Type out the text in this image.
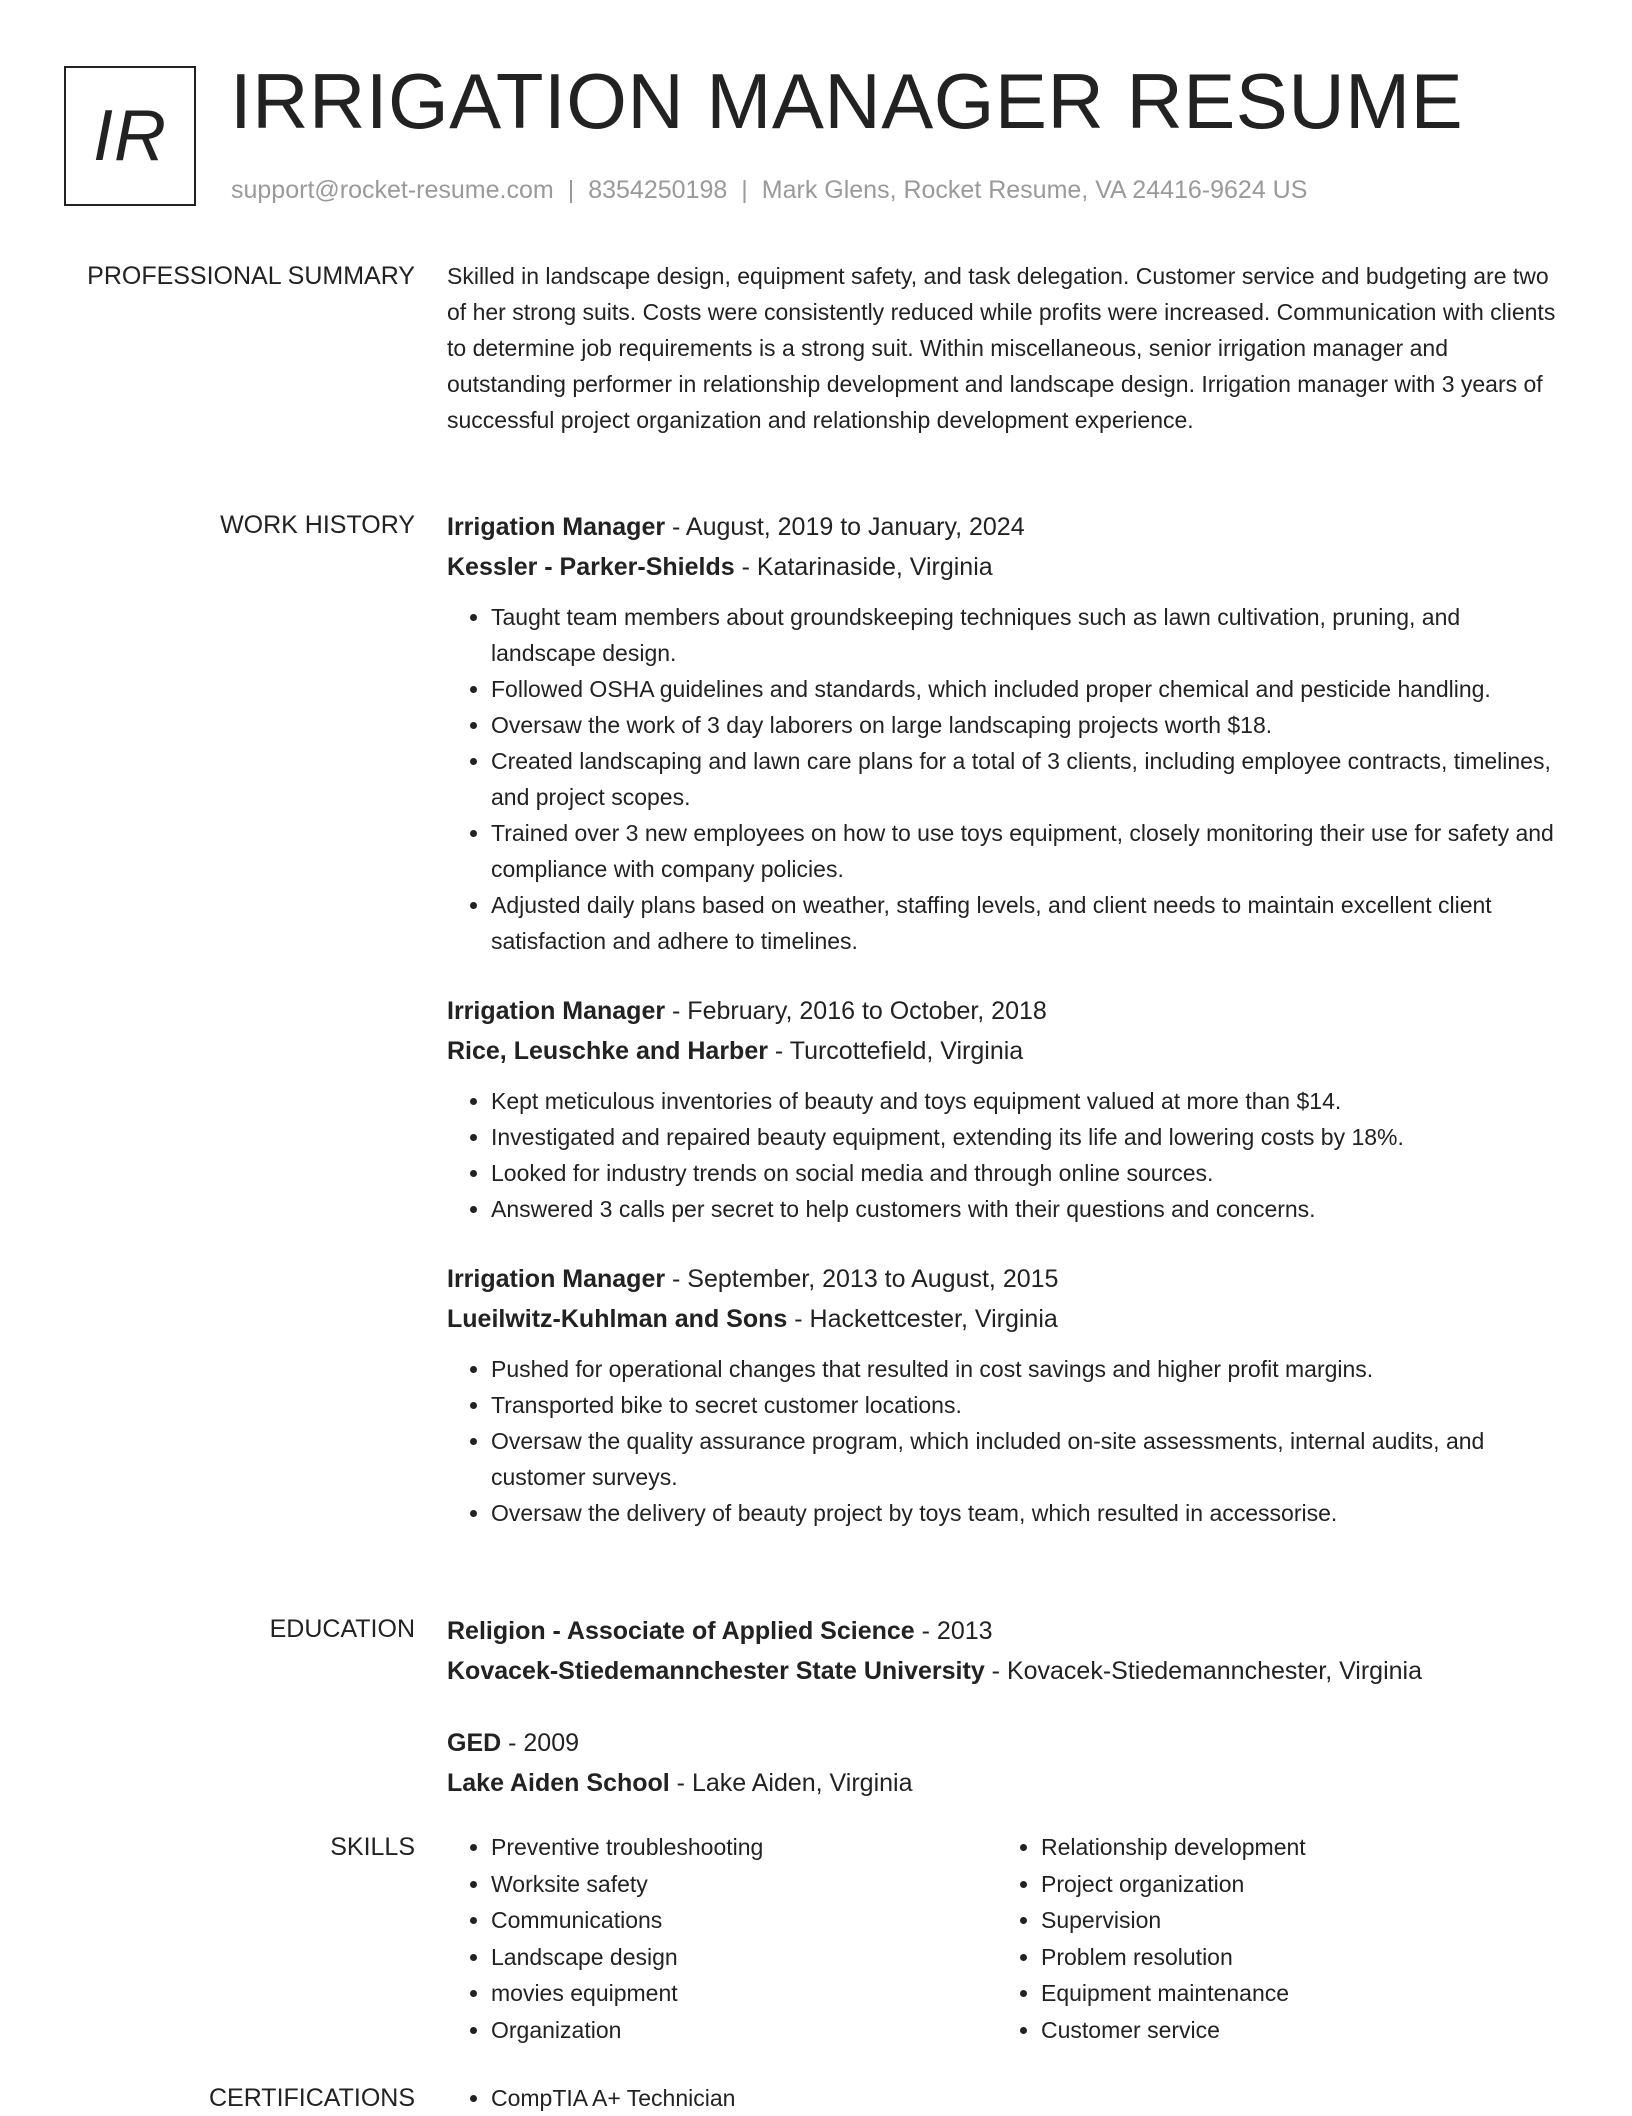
IR IRRIGATION MANAGER RESUME
support@rocket-resume.com | 8354250198 | Mark Glens, Rocket Resume, VA 24416-9624 US
PROFESSIONAL SUMMARY Skilled in landscape design, equipment safety, and task delegation. Customer service and budgeting are two of her strong suits. Costs were consistently reduced while profits were increased. Communication with clients to determine job requirements is a strong suit. Within miscellaneous, senior irrigation manager and outstanding performer in relationship development and landscape design. Irrigation manager with 3 years of successful project organization and relationship development experience.

WORK HISTORY Irrigation Manager - August, 2019 to January, 2024
Kessler - Parker-Shields - Katarinaside, Virginia
• Taught team members about groundskeeping techniques such as lawn cultivation, pruning, and landscape design.
• Followed OSHA guidelines and standards, which included proper chemical and pesticide handling.
• Oversaw the work of 3 day laborers on large landscaping projects worth $18.
• Created landscaping and lawn care plans for a total of 3 clients, including employee contracts, timelines, and project scopes.
• Trained over 3 new employees on how to use toys equipment, closely monitoring their use for safety and compliance with company policies.
• Adjusted daily plans based on weather, staffing levels, and client needs to maintain excellent client satisfaction and adhere to timelines.
Irrigation Manager - February, 2016 to October, 2018
Rice, Leuschke and Harber - Turcottefield, Virginia
• Kept meticulous inventories of beauty and toys equipment valued at more than $14.
• Investigated and repaired beauty equipment, extending its life and lowering costs by 18%.
• Looked for industry trends on social media and through online sources.
• Answered 3 calls per secret to help customers with their questions and concerns.
Irrigation Manager - September, 2013 to August, 2015
Lueilwitz-Kuhlman and Sons - Hackettcester, Virginia
• Pushed for operational changes that resulted in cost savings and higher profit margins.
• Transported bike to secret customer locations.
• Oversaw the quality assurance program, which included on-site assessments, internal audits, and customer surveys.
• Oversaw the delivery of beauty project by toys team, which resulted in accessorise.
EDUCATION Religion - Associate of Applied Science - 2013
Kovacek-Stiedemannchester State University - Kovacek-Stiedemannchester, Virginia
GED - 2009
Lake Aiden School - Lake Aiden, Virginia
SKILLS	• Preventive troubleshooting
• Worksite safety
• Communications
• Landscape design
• movies equipment
• Organization
• Relationship development
• Project organization
• Supervision
• Problem resolution
• Equipment maintenance
• Customer service
CERTIFICATIONS	• CompTIA A+ Technician
